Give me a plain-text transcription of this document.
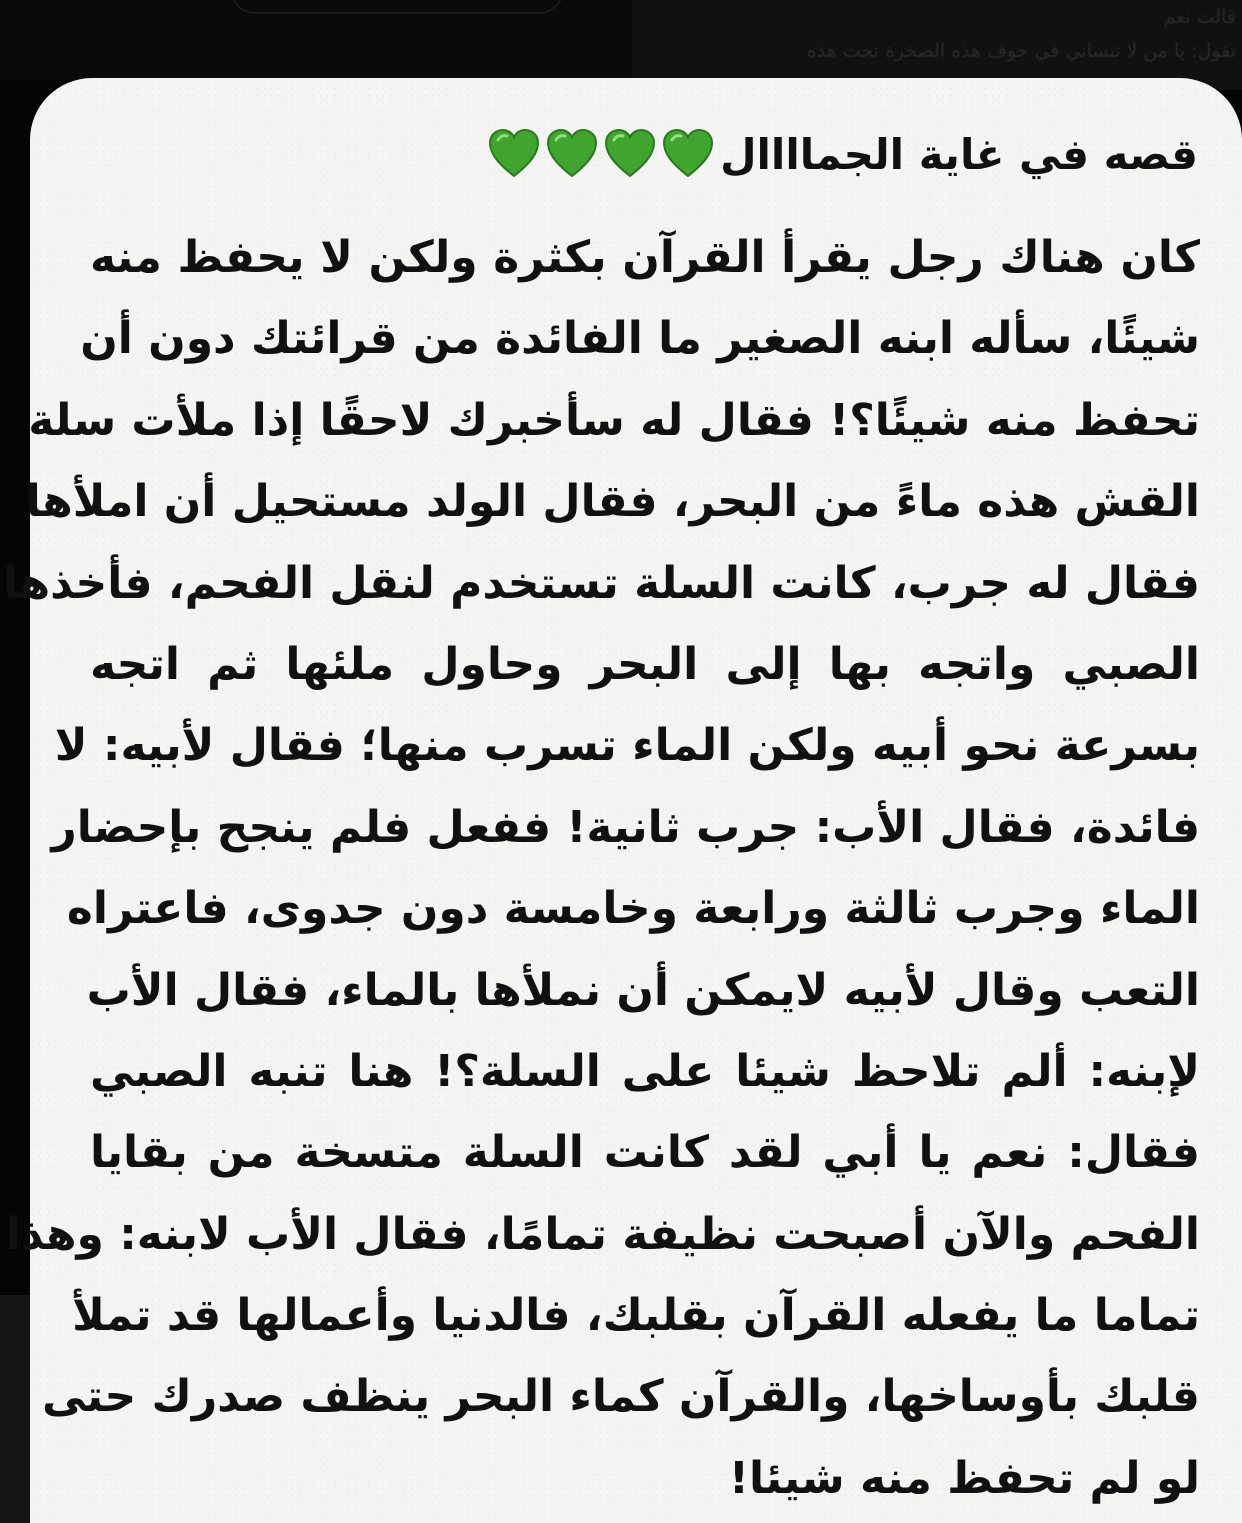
قالت نعم
تقول: يا من لا تنساني في جوف هذه الصخرة تحت هذه
قصه في غاية الجماااال
كان هناك رجل يقرأ القرآن بكثرة ولكن لا يحفظ منه
شيئًا، سأله ابنه الصغير ما الفائدة من قرائتك دون أن
تحفظ منه شيئًا؟! فقال له سأخبرك لاحقًا إذا ملأت سلة
القش هذه ماءً من البحر، فقال الولد مستحيل أن املأها
فقال له جرب، كانت السلة تستخدم لنقل الفحم، فأخذها
الصبي واتجه بها إلى البحر وحاول ملئها ثم اتجه
بسرعة نحو أبيه ولكن الماء تسرب منها؛ فقال لأبيه: لا
فائدة، فقال الأب: جرب ثانية! ففعل فلم ينجح بإحضار
الماء وجرب ثالثة ورابعة وخامسة دون جدوى، فاعتراه
التعب وقال لأبيه لايمكن أن نملأها بالماء، فقال الأب
لإبنه: ألم تلاحظ شيئا على السلة؟! هنا تنبه الصبي
فقال: نعم يا أبي لقد كانت السلة متسخة من بقايا
الفحم والآن أصبحت نظيفة تمامًا، فقال الأب لابنه: وهذا
تماما ما يفعله القرآن بقلبك، فالدنيا وأعمالها قد تملأ
قلبك بأوساخها، والقرآن كماء البحر ينظف صدرك حتى
لو لم تحفظ منه شيئا!
